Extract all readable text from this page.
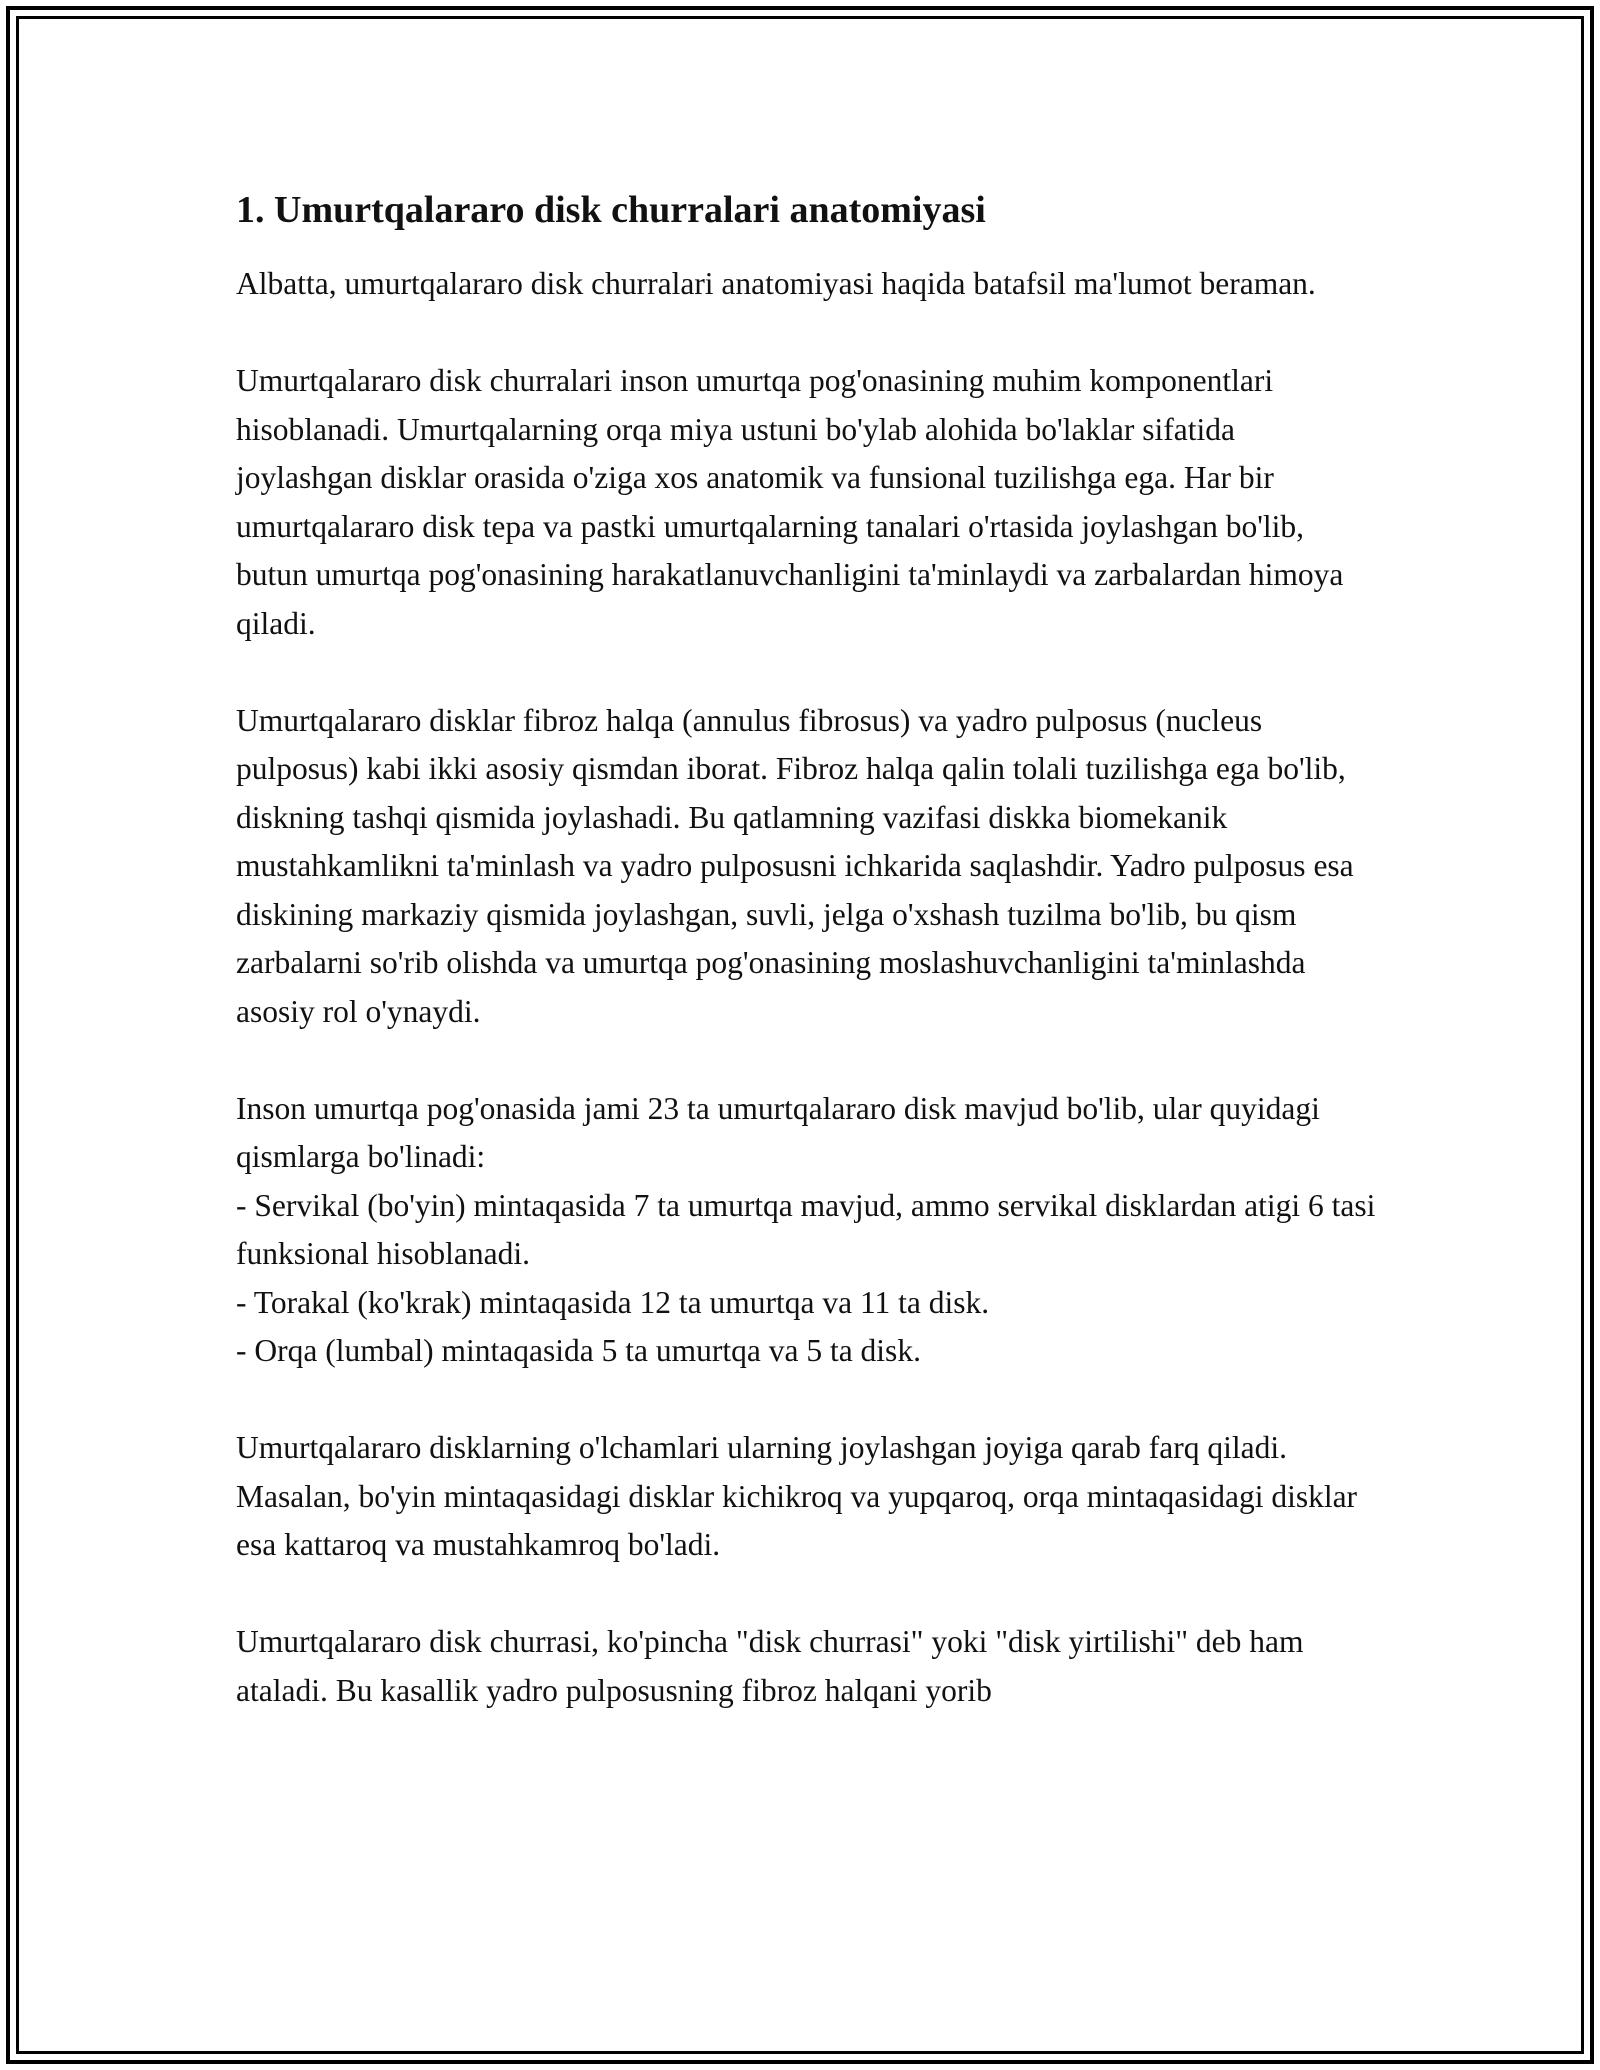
1. Umurtqalararo disk churralari anatomiyasi

Albatta, umurtqalararo disk churralari anatomiyasi haqida batafsil ma'lumot beraman.

Umurtqalararo disk churralari inson umurtqa pog'onasining muhim komponentlari hisoblanadi. Umurtqalarning orqa miya ustuni bo'ylab alohida bo'laklar sifatida joylashgan disklar orasida o'ziga xos anatomik va funsional tuzilishga ega. Har bir umurtqalararo disk tepa va pastki umurtqalarning tanalari o'rtasida joylashgan bo'lib, butun umurtqa pog'onasining harakatlanuvchanligini ta'minlaydi va zarbalardan himoya qiladi.

Umurtqalararo disklar fibroz halqa (annulus fibrosus) va yadro pulposus (nucleus pulposus) kabi ikki asosiy qismdan iborat. Fibroz halqa qalin tolali tuzilishga ega bo'lib, diskning tashqi qismida joylashadi. Bu qatlamning vazifasi diskka biomekanik mustahkamlikni ta'minlash va yadro pulposusni ichkarida saqlashdir. Yadro pulposus esa diskining markaziy qismida joylashgan, suvli, jelga o'xshash tuzilma bo'lib, bu qism zarbalarni so'rib olishda va umurtqa pog'onasining moslashuvchanligini ta'minlashda asosiy rol o'ynaydi.

Inson umurtqa pog'onasida jami 23 ta umurtqalararo disk mavjud bo'lib, ular quyidagi qismlarga bo'linadi:
- Servikal (bo'yin) mintaqasida 7 ta umurtqa mavjud, ammo servikal disklardan atigi 6 tasi funksional hisoblanadi.
- Torakal (ko'krak) mintaqasida 12 ta umurtqa va 11 ta disk.
- Orqa (lumbal) mintaqasida 5 ta umurtqa va 5 ta disk.

Umurtqalararo disklarning o'lchamlari ularning joylashgan joyiga qarab farq qiladi. Masalan, bo'yin mintaqasidagi disklar kichikroq va yupqaroq, orqa mintaqasidagi disklar esa kattaroq va mustahkamroq bo'ladi.

Umurtqalararo disk churrasi, ko'pincha "disk churrasi" yoki "disk yirtilishi" deb ham ataladi. Bu kasallik yadro pulposusning fibroz halqani yorib
